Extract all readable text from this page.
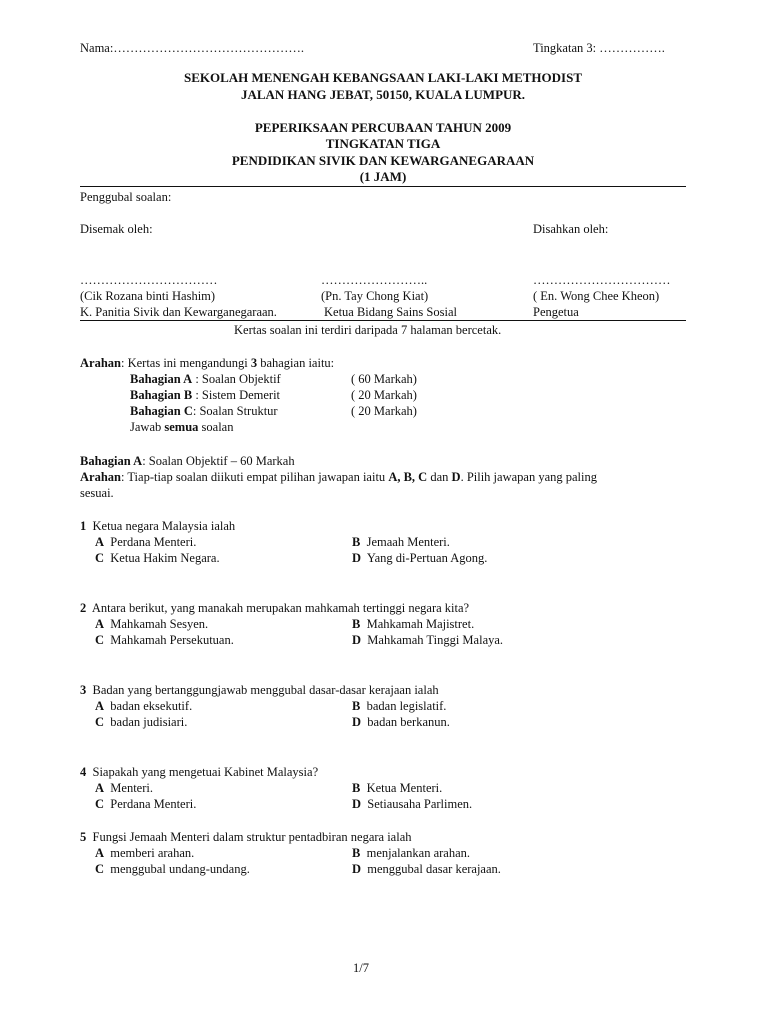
Nama:……………………………………….	Tingkatan 3: …………….
SEKOLAH MENENGAH KEBANGSAAN LAKI-LAKI METHODIST
JALAN HANG JEBAT, 50150, KUALA LUMPUR.
PEPERIKSAAN PERCUBAAN TAHUN 2009
TINGKATAN TIGA
PENDIDIKAN SIVIK DAN KEWARGANEGARAAN
(1 JAM)
Penggubal soalan:
Disemak oleh:	Disahkan oleh:
……………………………	……………………..	……………………………
(Cik Rozana binti Hashim)	(Pn. Tay Chong Kiat)	( En. Wong Chee Kheon)
K. Panitia Sivik dan Kewarganegaraan.	Ketua Bidang Sains Sosial	Pengetua
Kertas soalan ini terdiri daripada 7 halaman bercetak.
Arahan: Kertas ini mengandungi 3 bahagian iaitu:
Bahagian A : Soalan Objektif	( 60 Markah)
Bahagian B : Sistem Demerit	( 20 Markah)
Bahagian C: Soalan Struktur	( 20 Markah)
Jawab semua soalan
Bahagian A: Soalan Objektif – 60 Markah
Arahan: Tiap-tiap soalan diikuti empat pilihan jawapan iaitu A, B, C dan D. Pilih jawapan yang paling
sesuai.
1 Ketua negara Malaysia ialah
A Perdana Menteri.	B Jemaah Menteri.
C Ketua Hakim Negara.	D Yang di-Pertuan Agong.
2 Antara berikut, yang manakah merupakan mahkamah tertinggi negara kita?
A Mahkamah Sesyen.	B Mahkamah Majistret.
C Mahkamah Persekutuan.	D Mahkamah Tinggi Malaya.
3 Badan yang bertanggungjawab menggubal dasar-dasar kerajaan ialah
A badan eksekutif.	B badan legislatif.
C badan judisiari.	D badan berkanun.
4 Siapakah yang mengetuai Kabinet Malaysia?
A Menteri.	B Ketua Menteri.
C Perdana Menteri.	D Setiausaha Parlimen.
5 Fungsi Jemaah Menteri dalam struktur pentadbiran negara ialah
A memberi arahan.	B menjalankan arahan.
C menggubal undang-undang.	D menggubal dasar kerajaan.
1/7
